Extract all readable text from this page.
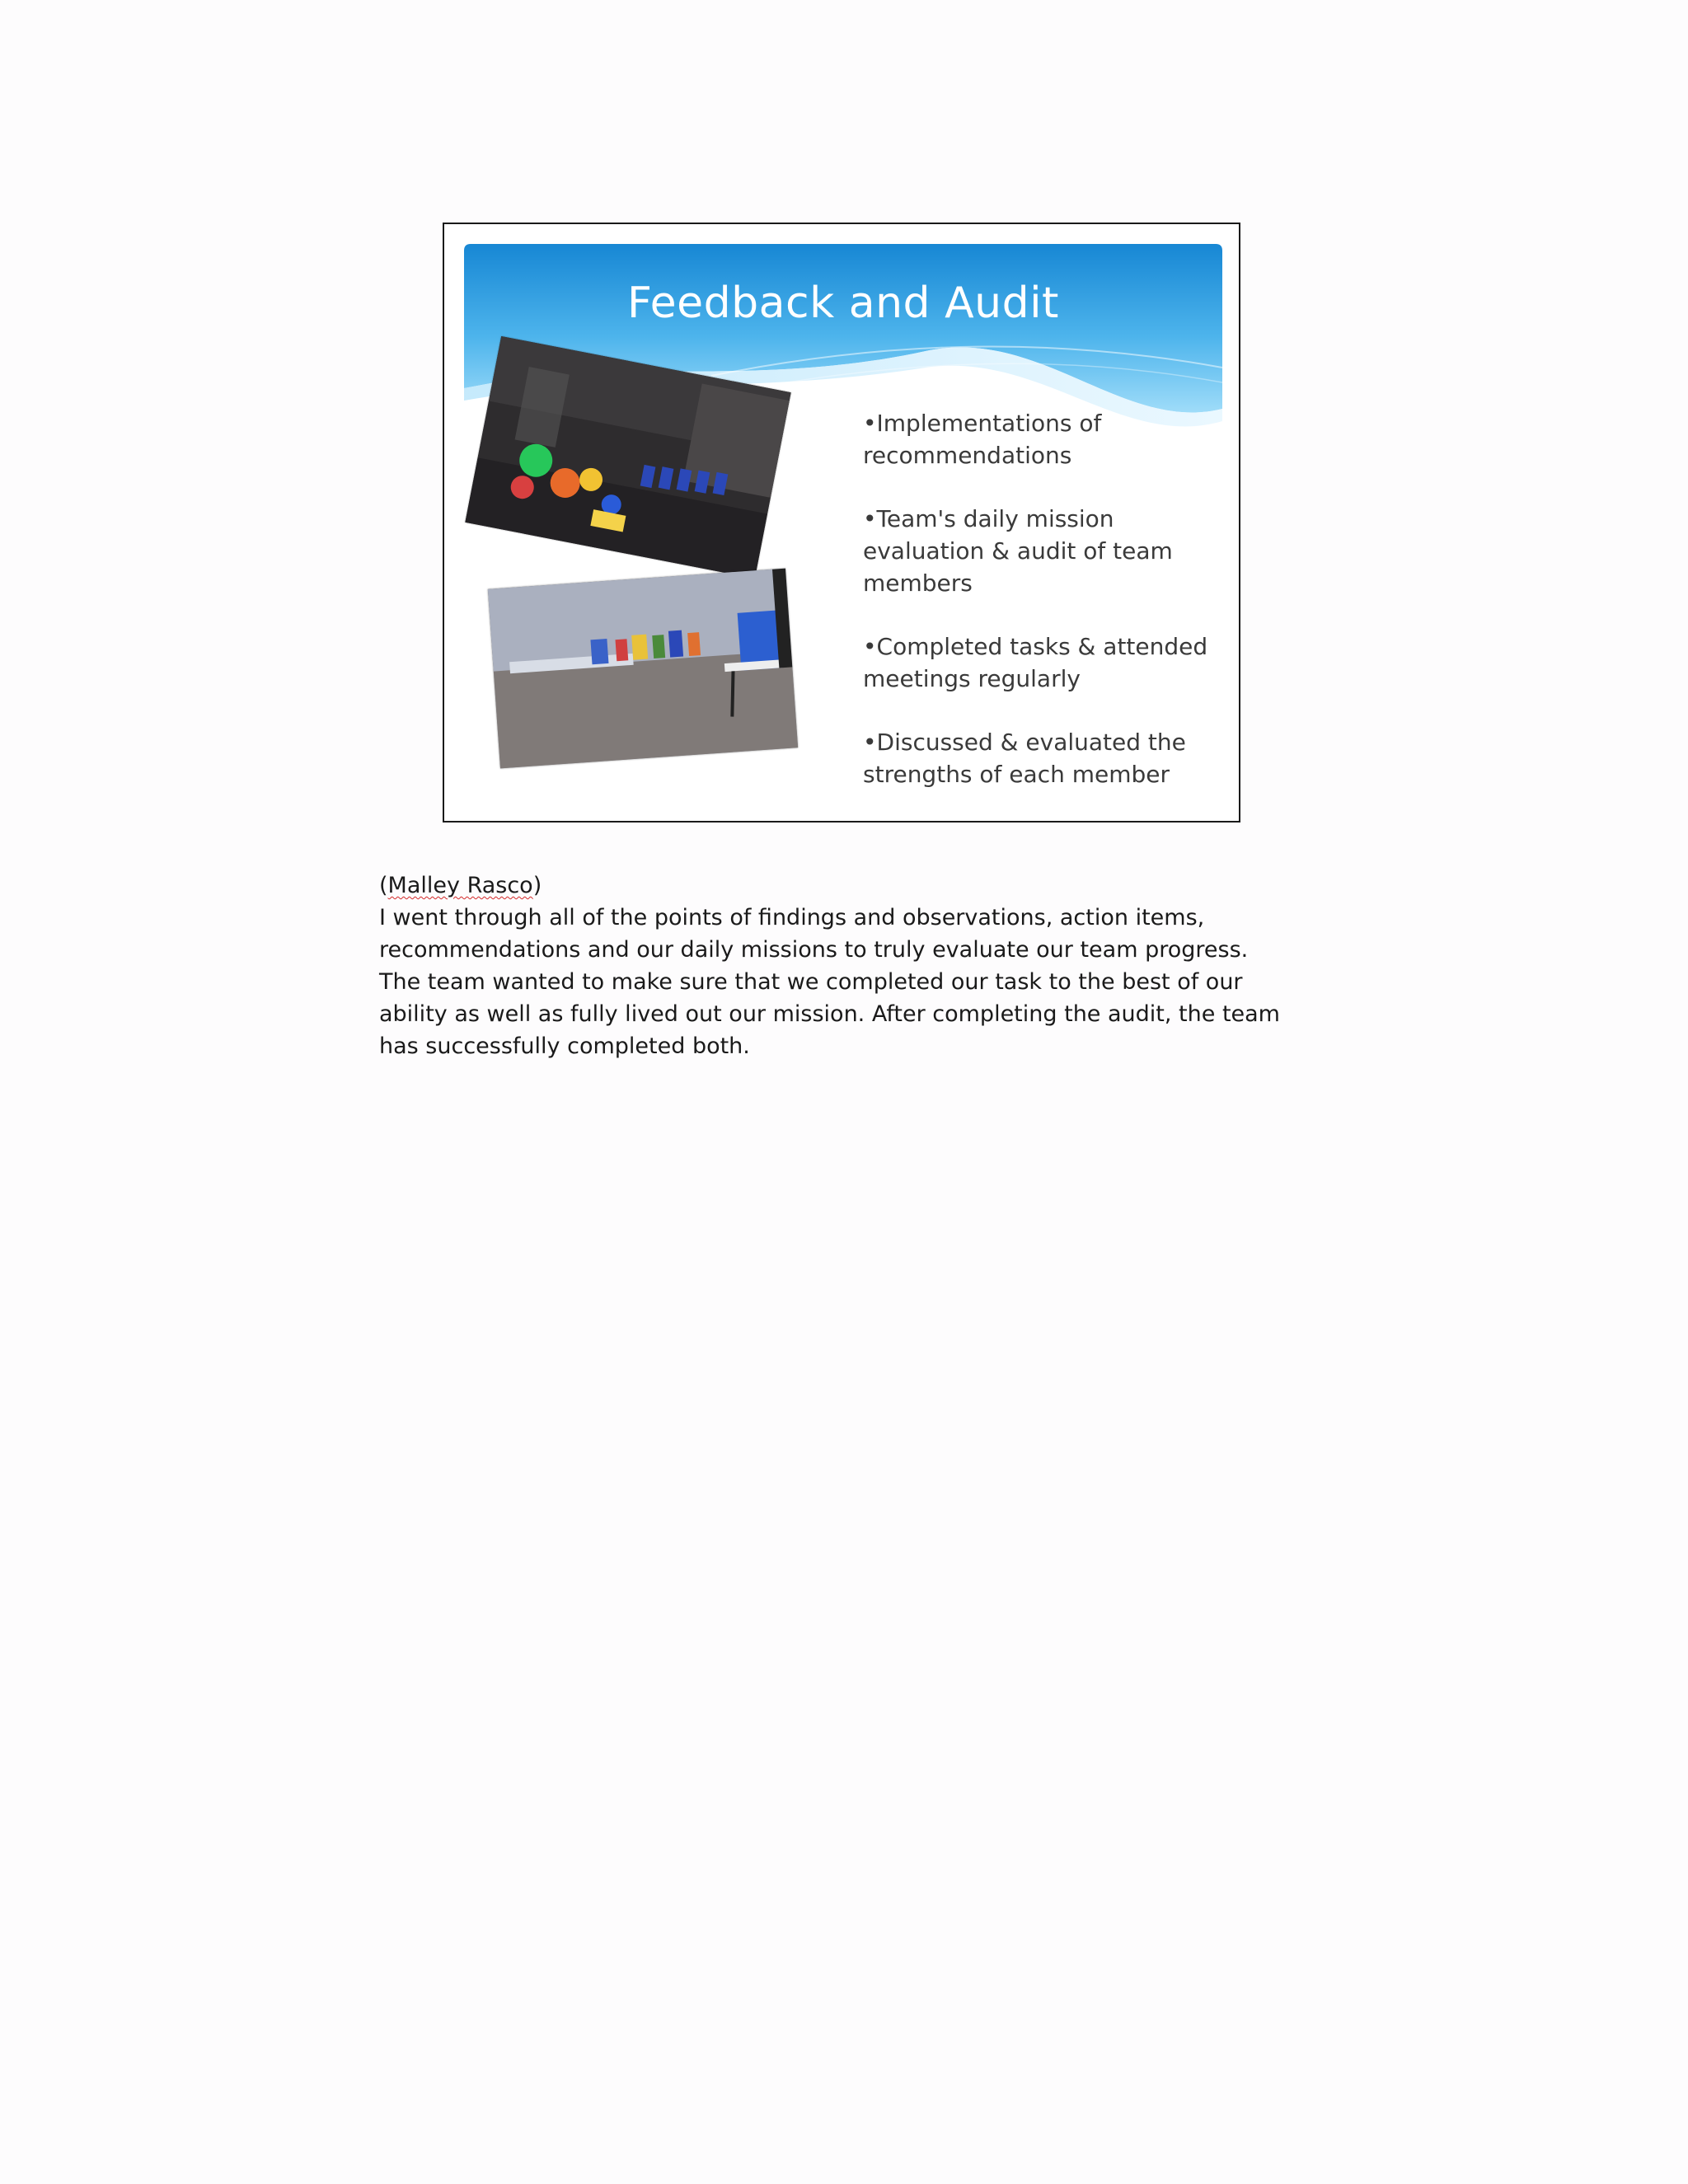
Feedback and Audit
•Implementations of recommendations
•Team's daily mission evaluation & audit of team members
•Completed tasks & attended meetings regularly
•Discussed & evaluated the strengths of each member
(Malley Rasco)

I went through all of the points of findings and observations, action items, recommendations and our daily missions to truly evaluate our team progress. The team wanted to make sure that we completed our task to the best of our ability as well as fully lived out our mission. After completing the audit, the team has successfully completed both.
